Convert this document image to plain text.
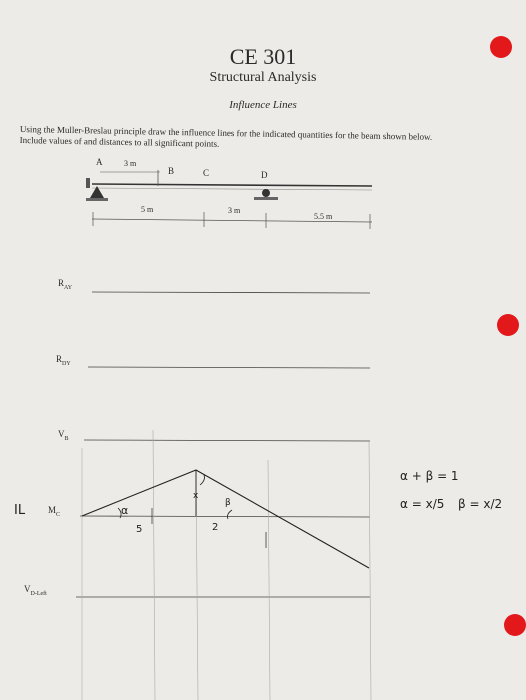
CE 301
Structural Analysis
Influence Lines
Using the Muller-Breslau principle draw the influence lines for the indicated quantities for the beam shown below. Include values of and distances to all significant points.
A
B	C	D
3 m
5 m	3 m
5.5 m
$R_{AY}$
$R_{DY}$
$V_B$
$M_C$
$V_{D-Left}$
IL	α
β
x
5	2
α + β = 1
α = x/5 β = x/2
